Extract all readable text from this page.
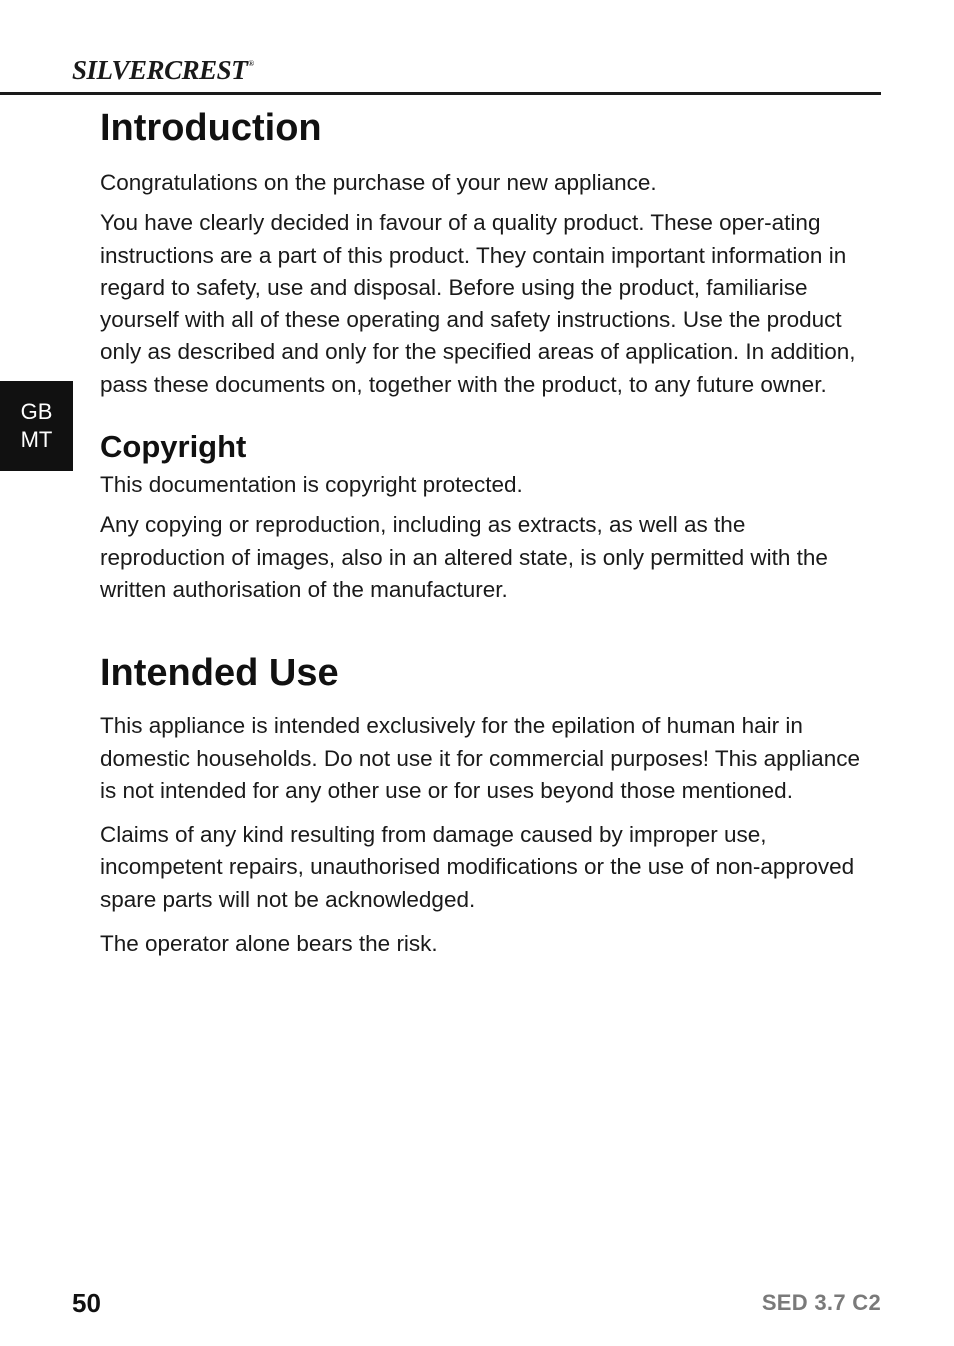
SILVERCREST®
GB
MT
Introduction

Congratulations on the purchase of your new appliance.

You have clearly decided in favour of a quality product. These oper-ating instructions are a part of this product. They contain important information in regard to safety, use and disposal. Before using the product, familiarise yourself with all of these operating and safety instructions. Use the product only as described and only for the specified areas of application. In addition, pass these documents on, together with the product, to any future owner.

Copyright

This documentation is copyright protected.

Any copying or reproduction, including as extracts, as well as the reproduction of images, also in an altered state, is only permitted with the written authorisation of the manufacturer.

Intended Use

This appliance is intended exclusively for the epilation of human hair in domestic households. Do not use it for commercial purposes! This appliance is not intended for any other use or for uses beyond those mentioned.

Claims of any kind resulting from damage caused by improper use, incompetent repairs, unauthorised modifications or the use of non-approved spare parts will not be acknowledged.

The operator alone bears the risk.

50	SED 3.7 C2
